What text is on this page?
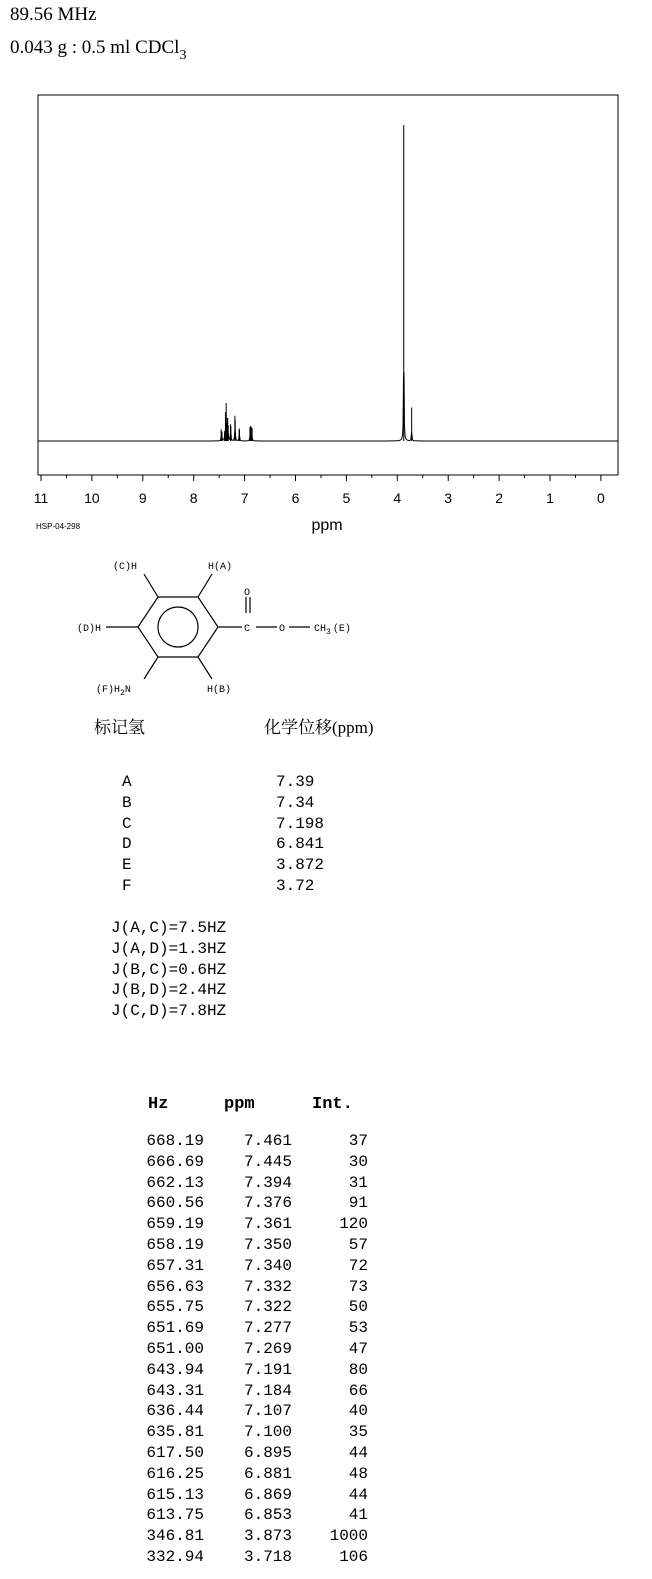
89.56 MHz
0.043 g : 0.5 ml CDCl$_3$
11	10	9	8	7	6	5	4	3	2	1	0
ppm
HSP-04-298
(C)H	H(A)
(D)H
$(F)H_2N$	H(B)
O
C	O	$CH_3$ (E)
标记氢	化学位移(ppm)
A	7.39
B	7.34
C	7.198
D	6.841
E	3.872
F	3.72
J(A,C)=7.5HZ
J(A,D)=1.3HZ
J(B,C)=0.6HZ
J(B,D)=2.4HZ
J(C,D)=7.8HZ
Hz	ppm	Int.
668.19	7.461	37
666.69	7.445	30
662.13	7.394	31
660.56	7.376	91
659.19	7.361	120
658.19	7.350	57
657.31	7.340	72
656.63	7.332	73
655.75	7.322	50
651.69	7.277	53
651.00	7.269	47
643.94	7.191	80
643.31	7.184	66
636.44	7.107	40
635.81	7.100	35
617.50	6.895	44
616.25	6.881	48
615.13	6.869	44
613.75	6.853	41
346.81	3.873	1000
332.94	3.718	106
